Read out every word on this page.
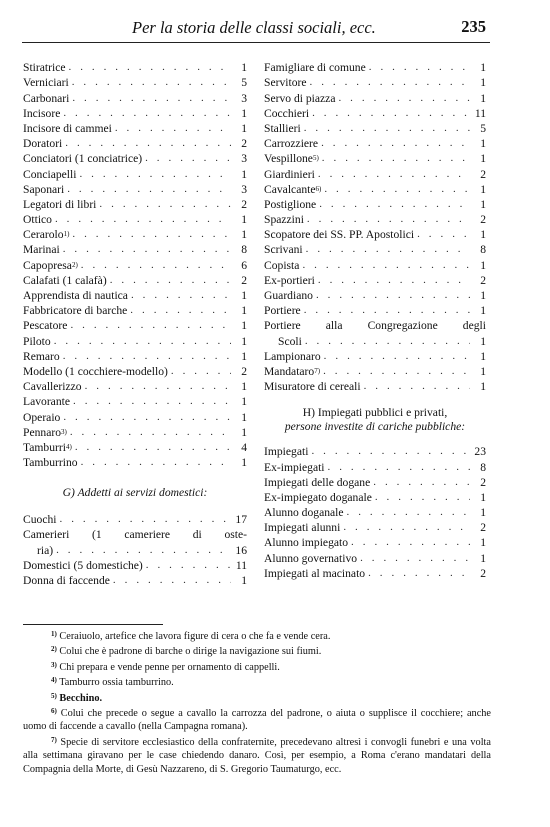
Per la storia delle classi sociali, ecc.	235
Stiratrice . . .	1
Verniciari . . .	5
Carbonari . . .	3
Incisore . . .	1
Incisore di cammei . . .	1
Doratori . . .	2
Conciatori (1 conciatrice) . . .	3
Conciapelli . . .	1
Saponari . . .	3
Legatori di libri . . .	2
Ottico . . .	1
Cerarolo 1) . . .	1
Marinai . . .	8
Capopresa 2) . . .	6
Calafati (1 calafà) . . .	2
Apprendista di nautica . . .	1
Fabbricatore di barche . . .	1
Pescatore . . .	1
Piloto . . .	1
Remaro . . .	1
Modello (1 cocchiere-modello) . . .	2
Cavallerizzo . . .	1
Lavorante . . .	1
Operaio . . .	1
Pennaro 3) . . .	1
Tamburri 4) . . .	4
Tamburrino . . .	1
G) Addetti ai servizi domestici:
Cuochi . . .	17
Camerieri (1 cameriere di oste-
ria) . . .	16
Domestici (5 domestiche) . . .	11
Donna di faccende . . .	1
Famigliare di comune . . .	1
Servitore . . .	1
Servo di piazza . . .	1
Cocchieri . . .	11
Stallieri . . .	5
Carrozziere . . .	1
Vespillone 5) . . .	1
Giardinieri . . .	2
Cavalcante 6) . . .	1
Postiglione . . .	1
Spazzini . . .	2
Scopatore dei SS. PP. Apostolici . . .	1
Scrivani . . .	8
Copista . . .	1
Ex-portieri . . .	2
Guardiano . . .	1
Portiere . . .	1
Portiere alla Congregazione degli
Scoli . . .	1
Lampionaro . . .	1
Mandataro 7) . . .	1
Misuratore di cereali . . .	1
H) Impiegati pubblici e privati,
persone investite di cariche pubbliche:
Impiegati . . .	23
Ex-impiegati . . .	8
Impiegati delle dogane . . .	2
Ex-impiegato doganale . . .	1
Alunno doganale . . .	1
Impiegati alunni . . .	2
Alunno impiegato . . .	1
Alunno governativo . . .	1
Impiegati al macinato . . .	2
$^{1)}$ Ceraiuolo, artefice che lavora figure di cera o che fa e vende cera.
$^{2)}$ Colui che è padrone di barche o dirige la navigazione sui fiumi.
$^{3)}$ Chi prepara e vende penne per ornamento di cappelli.
$^{4)}$ Tamburro ossia tamburrino.
$^{5)}$ Becchino.
$^{6)}$ Colui che precede o segue a cavallo la carrozza del padrone, o aiuta o supplisce il cocchiere; anche uomo di faccende a cavallo (nella Campagna romana).
$^{7)}$ Specie di servitore ecclesiastico della confraternite, precedevano altresì i convogli funebri e una volta alla settimana giravano per le case chiedendo danaro. Così, per esempio, a Roma c'erano mandatari della Compagnia della Morte, di Gesù Nazzareno, di S. Gregorio Taumaturgo, ecc.
